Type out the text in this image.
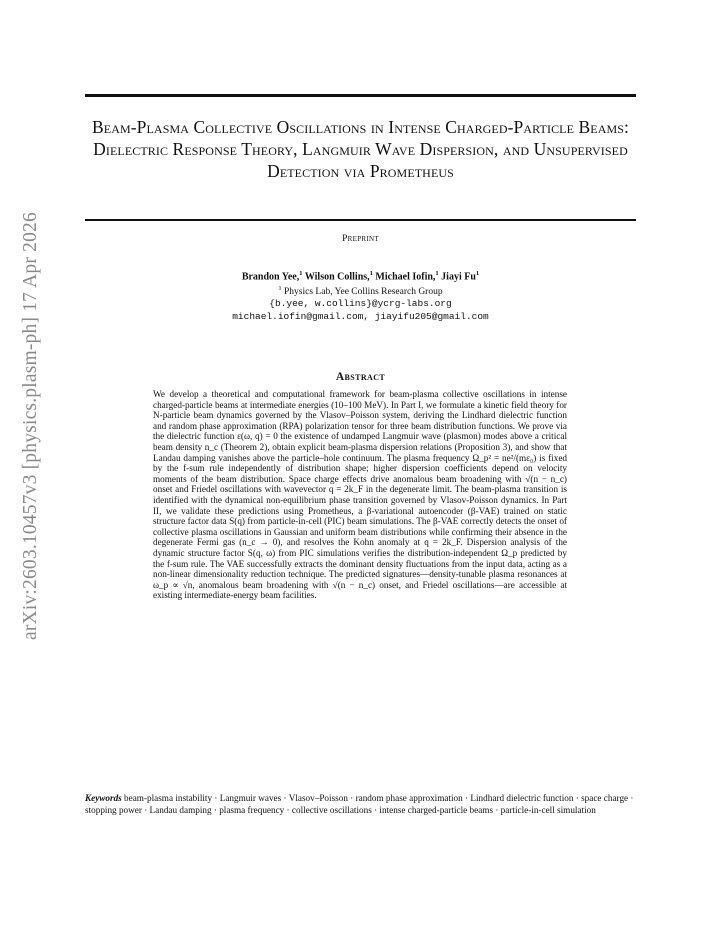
arXiv:2603.10457v3 [physics.plasm-ph] 17 Apr 2026
Beam-Plasma Collective Oscillations in Intense Charged-Particle Beams: Dielectric Response Theory, Langmuir Wave Dispersion, and Unsupervised Detection via Prometheus
Preprint
Brandon Yee,$^1$ Wilson Collins,$^1$ Michael Iofin,$^1$ Jiayi Fu$^1$
$^1$ Physics Lab, Yee Collins Research Group
{b.yee, w.collins}@ycrg-labs.org
michael.iofin@gmail.com, jiayifu205@gmail.com
Abstract
We develop a theoretical and computational framework for beam-plasma collective oscillations in intense charged-particle beams at intermediate energies (10–100 MeV). In Part I, we formulate a kinetic field theory for N-particle beam dynamics governed by the Vlasov–Poisson system, deriving the Lindhard dielectric function and random phase approximation (RPA) polarization tensor for three beam distribution functions. We prove via the dielectric function ε(ω, q) = 0 the existence of undamped Langmuir wave (plasmon) modes above a critical beam density n_c (Theorem 2), obtain explicit beam-plasma dispersion relations (Proposition 3), and show that Landau damping vanishes above the particle–hole continuum. The plasma frequency Ω_p² = ne²/(mε₀) is fixed by the f-sum rule independently of distribution shape; higher dispersion coefficients depend on velocity moments of the beam distribution. Space charge effects drive anomalous beam broadening with √(n − n_c) onset and Friedel oscillations with wavevector q = 2k_F in the degenerate limit. The beam-plasma transition is identified with the dynamical non-equilibrium phase transition governed by Vlasov-Poisson dynamics. In Part II, we validate these predictions using Prometheus, a β-variational autoencoder (β-VAE) trained on static structure factor data S(q) from particle-in-cell (PIC) beam simulations. The β-VAE correctly detects the onset of collective plasma oscillations in Gaussian and uniform beam distributions while confirming their absence in the degenerate Fermi gas (n_c → 0), and resolves the Kohn anomaly at q = 2k_F. Dispersion analysis of the dynamic structure factor S(q, ω) from PIC simulations verifies the distribution-independent Ω_p predicted by the f-sum rule. The VAE successfully extracts the dominant density fluctuations from the input data, acting as a non-linear dimensionality reduction technique. The predicted signatures—density-tunable plasma resonances at ω_p ∝ √n, anomalous beam broadening with √(n − n_c) onset, and Friedel oscillations—are accessible at existing intermediate-energy beam facilities.
Keywords beam-plasma instability · Langmuir waves · Vlasov–Poisson · random phase approximation · Lindhard dielectric function · space charge · stopping power · Landau damping · plasma frequency · collective oscillations · intense charged-particle beams · particle-in-cell simulation
